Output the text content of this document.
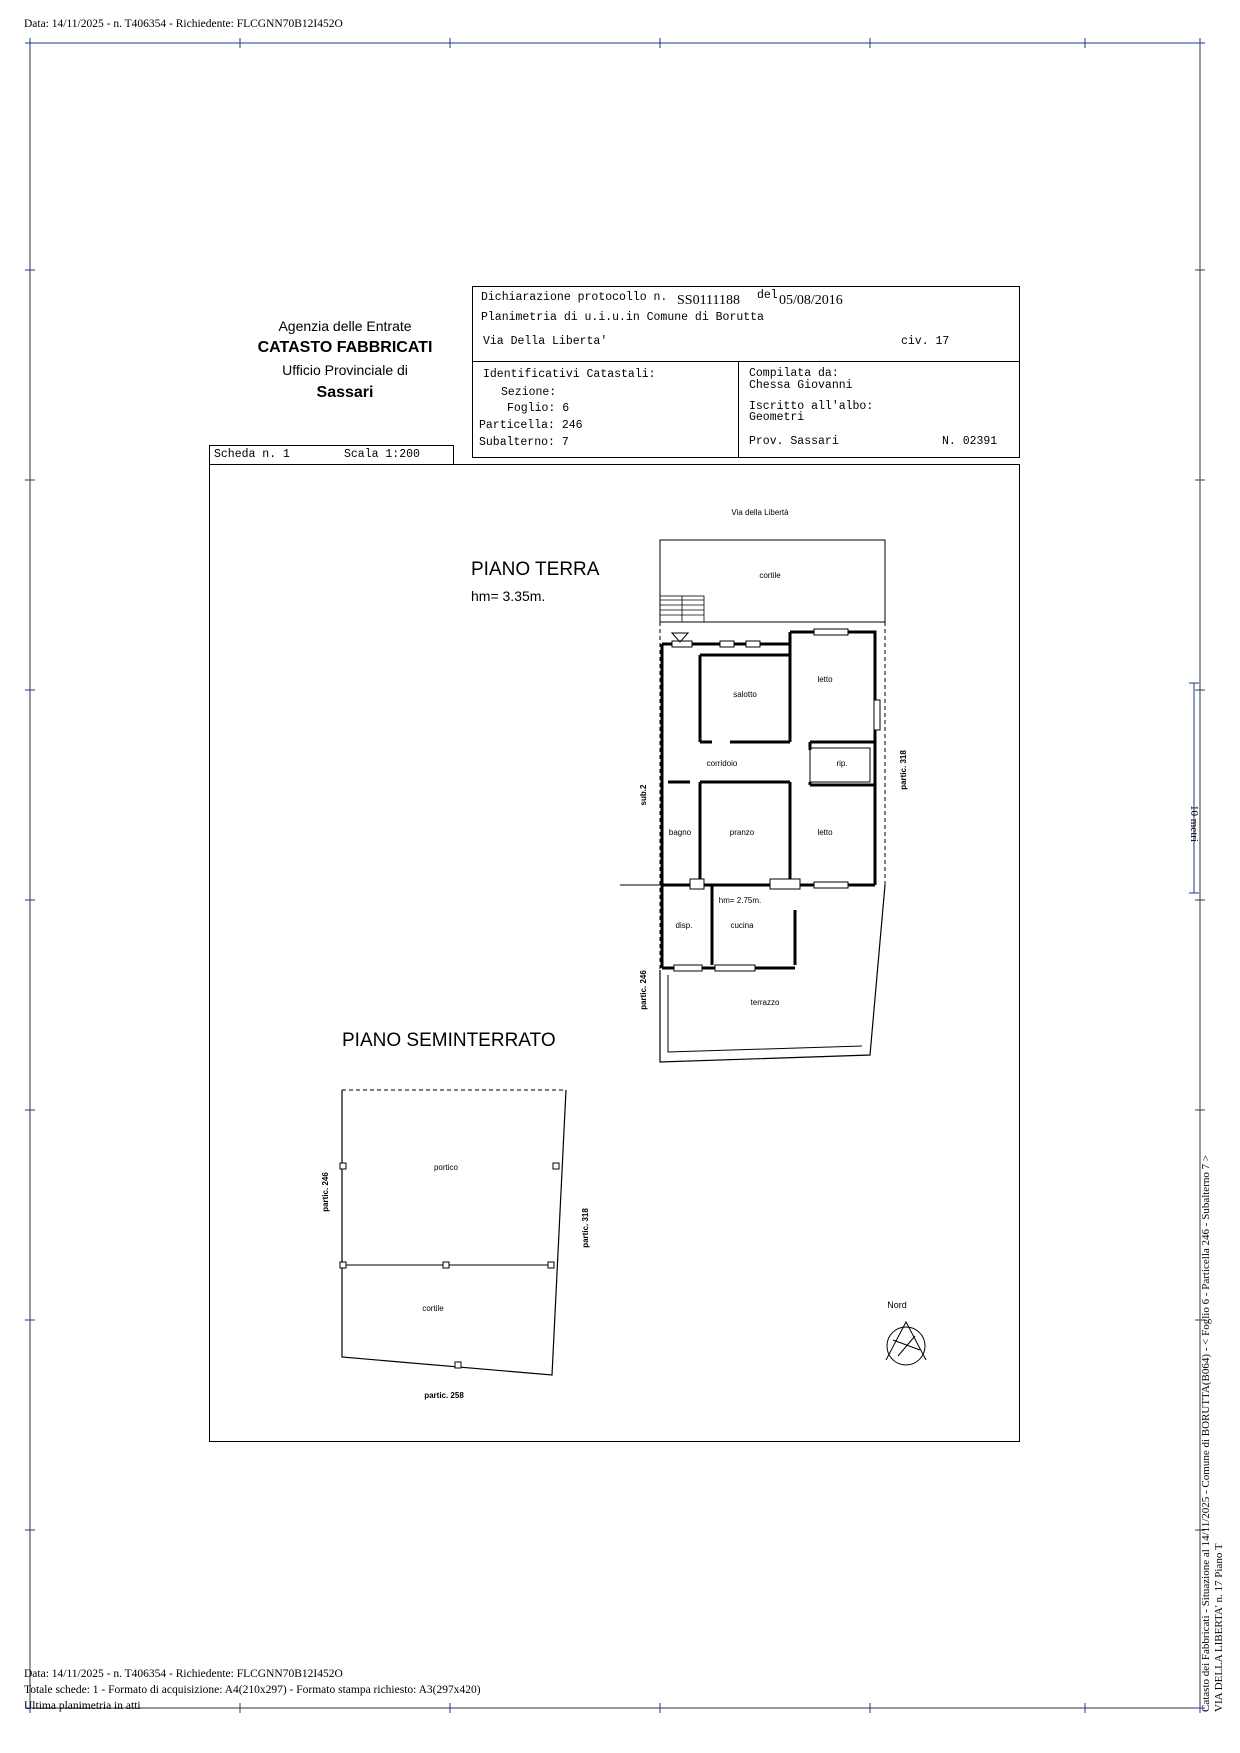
Data: 14/11/2025 - n. T406354 - Richiedente: FLCGNN70B12I452O
Agenzia delle Entrate
CATASTO FABBRICATI
Ufficio Provinciale di
Sassari
Dichiarazione protocollo n. SS0111188 del 05/08/2016
Planimetria di u.i.u.in Comune di Borutta
Via Della Liberta'	civ. 17
Identificativi Catastali:
Sezione:
Foglio: 6
Particella: 246
Subalterno: 7
Compilata da:
Chessa Giovanni
Iscritto all'albo:
Geometri
Prov. Sassari	N. 02391
Scheda n. 1	Scala 1:200
Via della Libertà
cortile
salotto
letto
corridoio	rip.
bagno	pranzo	letto
hm= 2.75m.
disp.	cucina
terrazzo
portico
cortile	Nord
sub.2
partic. 318
partic. 246
partic. 246
partic. 318
partic. 258
PIANO TERRA
hm= 3.35m.
PIANO SEMINTERRATO
10 metri
Catasto dei Fabbricati - Situazione al 14/11/2025 - Comune di BORUTTA(B064) - < Foglio 6 - Particella 246 - Subalterno 7 > VIA DELLA LIBERTA' n. 17 Piano T
Data: 14/11/2025 - n. T406354 - Richiedente: FLCGNN70B12I452O
Totale schede: 1 - Formato di acquisizione: A4(210x297) - Formato stampa richiesto: A3(297x420)
Ultima planimetria in atti
